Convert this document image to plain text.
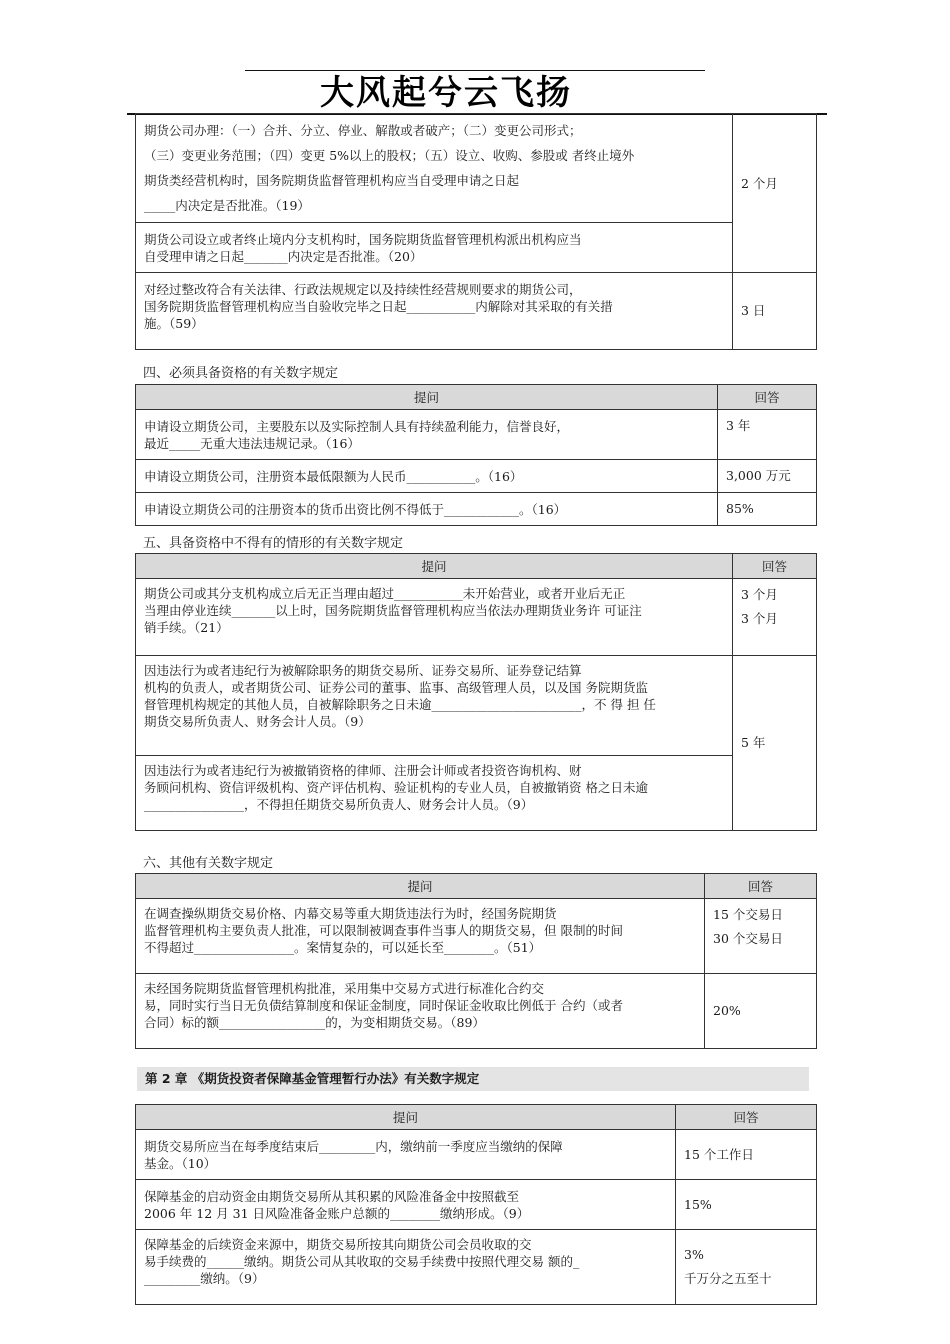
大风起兮云飞扬
期货公司办理：（一）合并、分立、停业、解散或者破产；（二）变更公司形式；
（三）变更业务范围；（四）变更 5%以上的股权；（五）设立、收购、参股或 者终止境外
期货类经营机构时，国务院期货监督管理机构应当自受理申请之日起
_____内决定是否批准。（19）	2 个月

期货公司设立或者终止境内分支机构时，国务院期货监督管理机构派出机构应当
自受理申请之日起_______内决定是否批准。（20）	

对经过整改符合有关法律、行政法规规定以及持续性经营规则要求的期货公司，
国务院期货监督管理机构应当自验收完毕之日起___________内解除对其采取的有关措
施。（59）	3 日
四、必须具备资格的有关数字规定
提问	回答

申请设立期货公司，主要股东以及实际控制人具有持续盈利能力，信誉良好，
最近_____无重大违法违规记录。（16）	3 年

申请设立期货公司，注册资本最低限额为人民币___________。（16）	3,000 万元

申请设立期货公司的注册资本的货币出资比例不得低于____________。（16）	85%
五、具备资格中不得有的情形的有关数字规定
提问	回答

期货公司或其分支机构成立后无正当理由超过___________未开始营业，或者开业后无正
当理由停业连续_______以上时，国务院期货监督管理机构应当依法办理期货业务许 可证注
销手续。（21）	3 个月
3 个月

因违法行为或者违纪行为被解除职务的期货交易所、证券交易所、证券登记结算
机构的负责人，或者期货公司、证券公司的董事、监事、高级管理人员，以及国 务院期货监
督管理机构规定的其他人员，自被解除职务之日未逾________________________，不 得 担 任
期货交易所负责人、财务会计人员。（9）	5 年

因违法行为或者违纪行为被撤销资格的律师、注册会计师或者投资咨询机构、财
务顾问机构、资信评级机构、资产评估机构、验证机构的专业人员，自被撤销资 格之日未逾
________________，不得担任期货交易所负责人、财务会计人员。（9）	
六、其他有关数字规定
提问	回答

在调查操纵期货交易价格、内幕交易等重大期货违法行为时，经国务院期货
监督管理机构主要负责人批准，可以限制被调查事件当事人的期货交易，但 限制的时间
不得超过________________。案情复杂的，可以延长至________。（51）	15 个交易日
30 个交易日

未经国务院期货监督管理机构批准，采用集中交易方式进行标准化合约交
易，同时实行当日无负债结算制度和保证金制度，同时保证金收取比例低于 合约（或者
合同）标的额_________________的，为变相期货交易。（89）	20%
第 2 章 《期货投资者保障基金管理暂行办法》有关数字规定
提问	回答

期货交易所应当在每季度结束后_________内，缴纳前一季度应当缴纳的保障
基金。（10）	15 个工作日

保障基金的启动资金由期货交易所从其积累的风险准备金中按照截至
2006 年 12 月 31 日风险准备金账户总额的________缴纳形成。（9）	15%

保障基金的后续资金来源中，期货交易所按其向期货公司会员收取的交
易手续费的______缴纳。期货公司从其收取的交易手续费中按照代理交易 额的_
_________缴纳。（9）	3%
千万分之五至十
